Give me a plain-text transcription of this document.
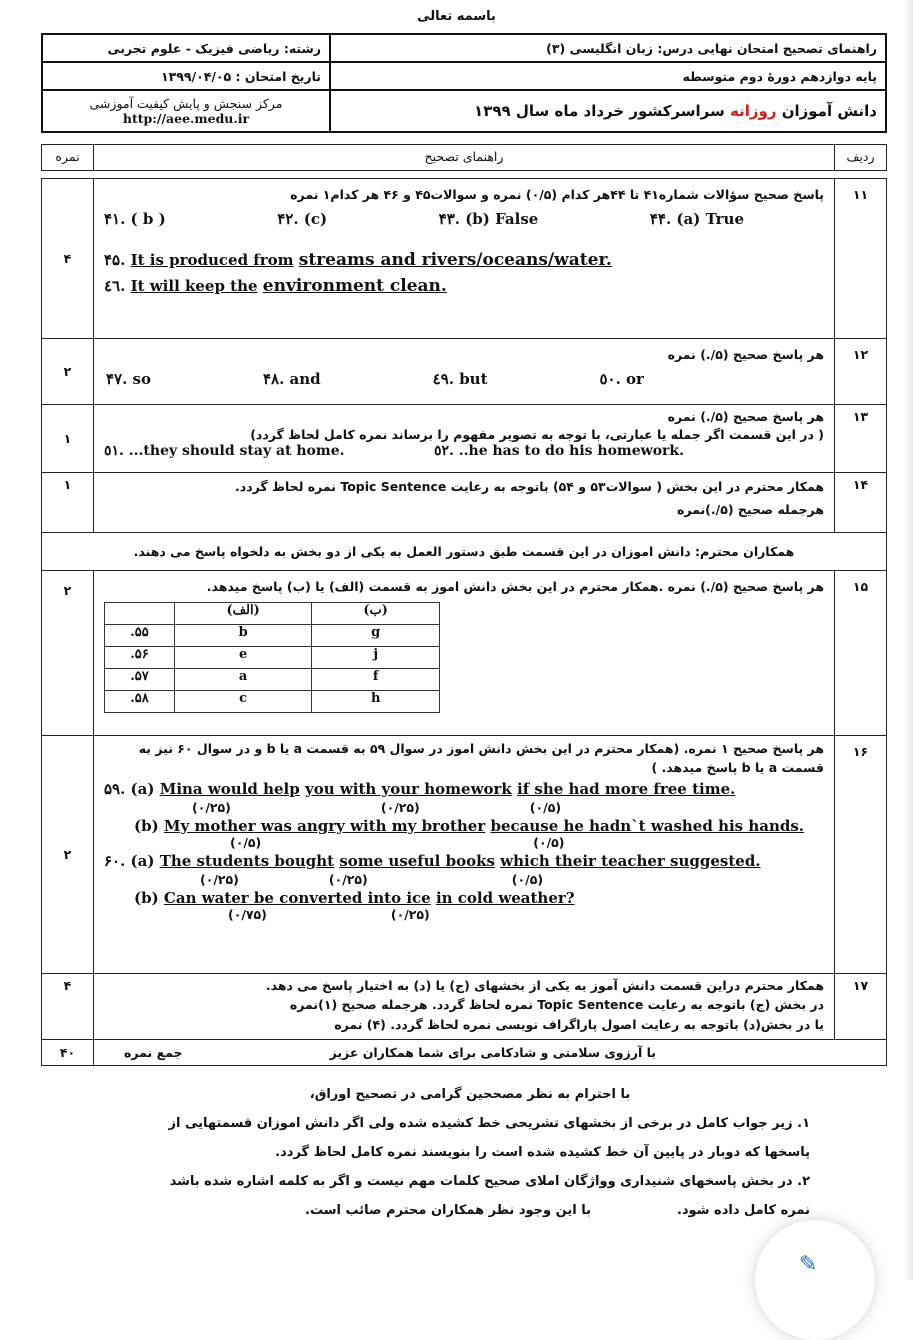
باسمه تعالی
راهنمای تصحیح امتحان نهایی درس: زبان انگلیسی (۳)	رشته: ریاضی فیزیک - علوم تجربی
پایه دوازدهم دورهٔ دوم متوسطه	تاریخ امتحان : ۱۳۹۹/۰۴/۰۵
دانش آموزان روزانه سراسرکشور خرداد ماه سال ۱۳۹۹	مرکز سنجش و پایش کیفیت آموزشی
http://aee.medu.ir
ردیف	راهنمای تصحیح	نمره

۱۱	
پاسخ صحیح سؤالات شماره۴۱ تا ۴۴هر کدام (۰/۵) نمره و سوالات۴۵ و ۴۶ هر کدام۱ نمره
۴۱. ( b )	۴۲. (c)	۴۳. (b) False	۴۴. (a) True
۴۵. It is produced from streams and rivers/oceans/water.
٤٦. It will keep the environment clean.
	۴
۱۲	
هر پاسخ صحیح (۵/.) نمره
۴۷. so	۴۸. and	٤۹. but	٥۰. or
	۲
۱۳	
هر پاسخ صحیح (۵/.) نمره
( در این قسمت اگر جمله یا عبارتی، با توجه به تصویر مفهوم را برساند نمره کامل لحاظ گردد)
٥۱. ...they should stay at home.	٥۲. ..he has to do his homework.
	۱
۱۴	
همکار محترم در این بخش ( سوالات۵۳ و ۵۴) باتوجه به رعایت Topic Sentence نمره لحاظ گردد.
هرجمله صحیح (۵/.)نمره
	۱
همکاران محترم: دانش اموزان در این قسمت طبق دستور العمل به یکی از دو بخش به دلخواه پاسخ می دهند.
۱۵	
هر پاسخ صحیح (۵/.) نمره .همکار محترم در این بخش دانش اموز به قسمت (الف) یا (ب) پاسخ میدهد.
(ب)	(الف)	
g	b	۵۵.
j	e	۵۶.
f	a	۵۷.
h	c	۵۸.
	۲
۱۶	
هر پاسخ صحیح ۱ نمره. (همکار محترم در این بخش دانش اموز در سوال ۵۹ به قسمت a یا b و در سوال ۶۰ نیز به
قسمت a یا b پاسخ میدهد. )
۵۹. (a) Mina would help you with your homework if she had more free time.
(۰/۲۵)	(۰/۲۵)	(۰/۵)
(b) My mother was angry with my brother because he hadn`t washed his hands.
(۰/۵)	(۰/۵)
۶۰. (a) The students bought some useful books which their teacher suggested.
(۰/۲۵)	(۰/۲۵)	(۰/۵)
(b) Can water be converted into ice in cold weather?
(۰/۷۵)	(۰/۲۵)
	۲
۱۷	
همکار محترم دراین قسمت دانش آموز به یکی از بخشهای (ج) یا (د) به اختیار پاسخ می دهد.
در بخش (ج) باتوجه به رعایت Topic Sentence نمره لحاظ گردد. هرجمله صحیح (۱)نمره
یا در بخش(د) باتوجه به رعایت اصول پاراگراف نویسی نمره لحاظ گردد. (۴) نمره
	۴

با آرزوی سلامتی و شادکامی برای شما همکاران عزیز
جمع نمره
	۴۰
با احترام به نظر مصححین گرامی در تصحیح اوراق،
۱. زیر جواب کامل در برخی از بخشهای تشریحی خط کشیده شده ولی اگر دانش اموزان قسمتهایی از
پاسخها که دوبار در پایین آن خط کشیده شده است را بنویسند نمره کامل لحاظ گردد.
۲. در بخش پاسخهای شنیداری وواژگان املای صحیح کلمات مهم نیست و اگر به کلمه اشاره شده باشد
نمره کامل داده شود.                   با این وجود نظر همکاران محترم صائب است.
✎
